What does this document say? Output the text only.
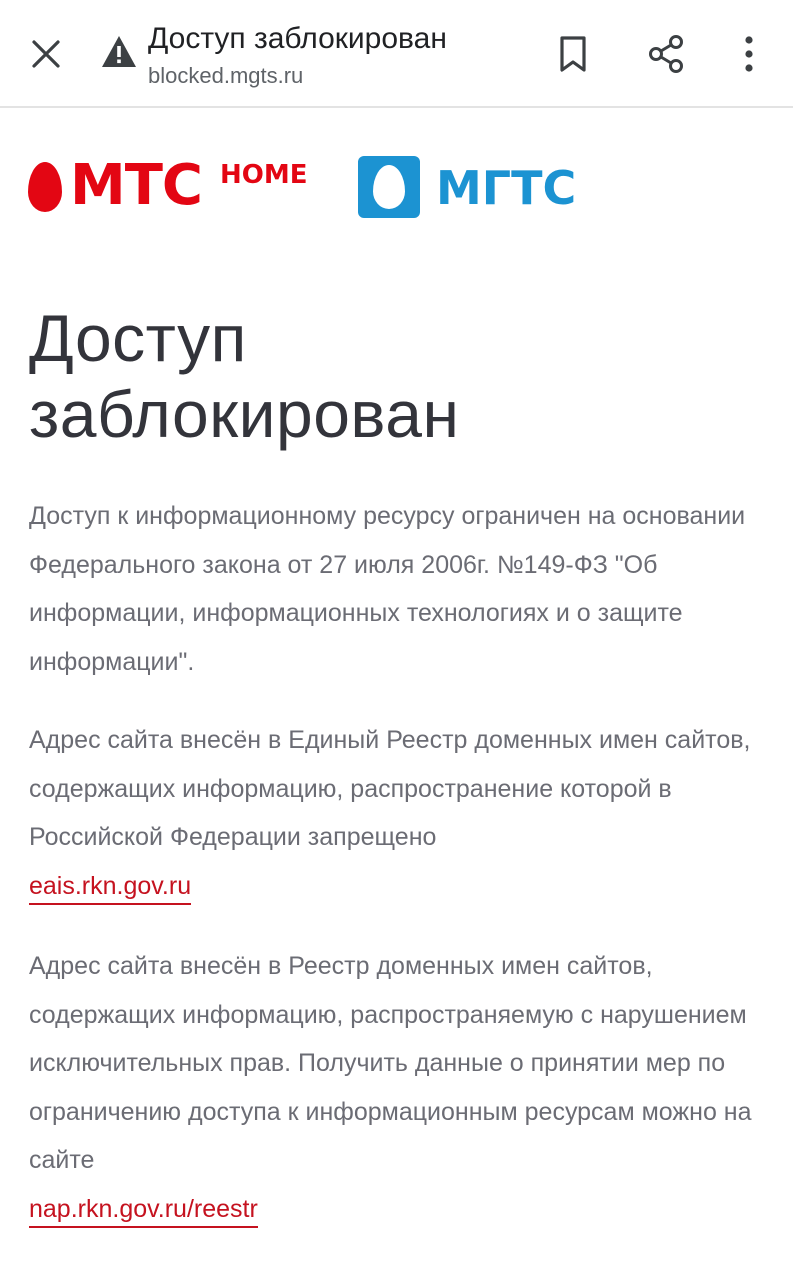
Доступ заблокирован
blocked.mgts.ru
МТС HOME	МГТС
Доступ
заблокирован

Доступ к информационному ресурсу ограничен на основании Федерального закона от 27 июля 2006г. №149-ФЗ "Об информации, информационных технологиях и о защите информации".

Адрес сайта внесён в Единый Реестр доменных имен сайтов, содержащих информацию, распространение которой в Российской Федерации запрещено
eais.rkn.gov.ru

Адрес сайта внесён в Реестр доменных имен сайтов, содержащих информацию, распространяемую с нарушением исключительных прав. Получить данные о принятии мер по ограничению доступа к информационным ресурсам можно на сайте
nap.rkn.gov.ru/reestr
